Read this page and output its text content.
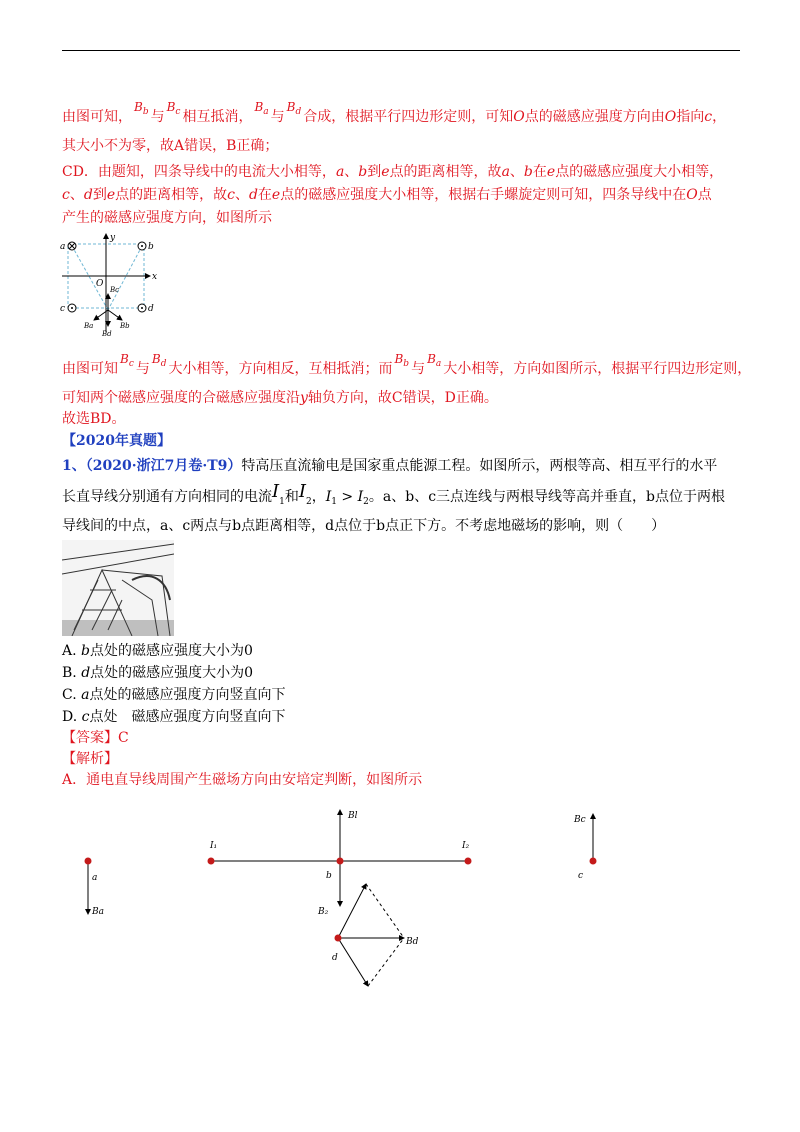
由图可知，$B_b$ 与$B_c$ 相互抵消，$B_a$ 与$B_d$ 合成，根据平行四边形定则，可知O点的磁感应强度方向由O指向c，
其大小不为零，故A错误，B正确；
CD．由题知，四条导线中的电流大小相等，a、b到e点的距离相等，故a、b在e点的磁感应强度大小相等，
c、d到e点的距离相等，故c、d在e点的磁感应强度大小相等，根据右手螺旋定则可知，四条导线中在O点
产生的磁感应强度方向，如图所示
a	b
c	d
O
x
y
Bc
Bd
Ba	Bb
由图可知$B_c$ 与$B_d$ 大小相等，方向相反，互相抵消；而$B_b$ 与$B_a$ 大小相等，方向如图所示，根据平行四边形定则，
可知两个磁感应强度的合磁感应强度沿y轴负方向，故C错误，D正确。
故选BD。
【2020年真题】
1、（2020·浙江7月卷·T9）特高压直流输电是国家重点能源工程。如图所示，两根等高、相互平行的水平
长直导线分别通有方向相同的电流$I_1$和$I_2$，$I_1 > I_2$。a、b、c三点连线与两根导线等高并垂直，b点位于两根
导线间的中点，a、c两点与b点距离相等，d点位于b点正下方。不考虑地磁场的影响，则（　　）
A. b点处的磁感应强度大小为0
B. d点处的磁感应强度大小为0
C. a点处的磁感应强度方向竖直向下
D. c点处　磁感应强度方向竖直向下
【答案】C
【解析】
A．通电直导线周围产生磁场方向由安培定判断，如图所示
a
Ba
I₁	I₂
b
Bl
B₂
d
Bd
c
Bc
